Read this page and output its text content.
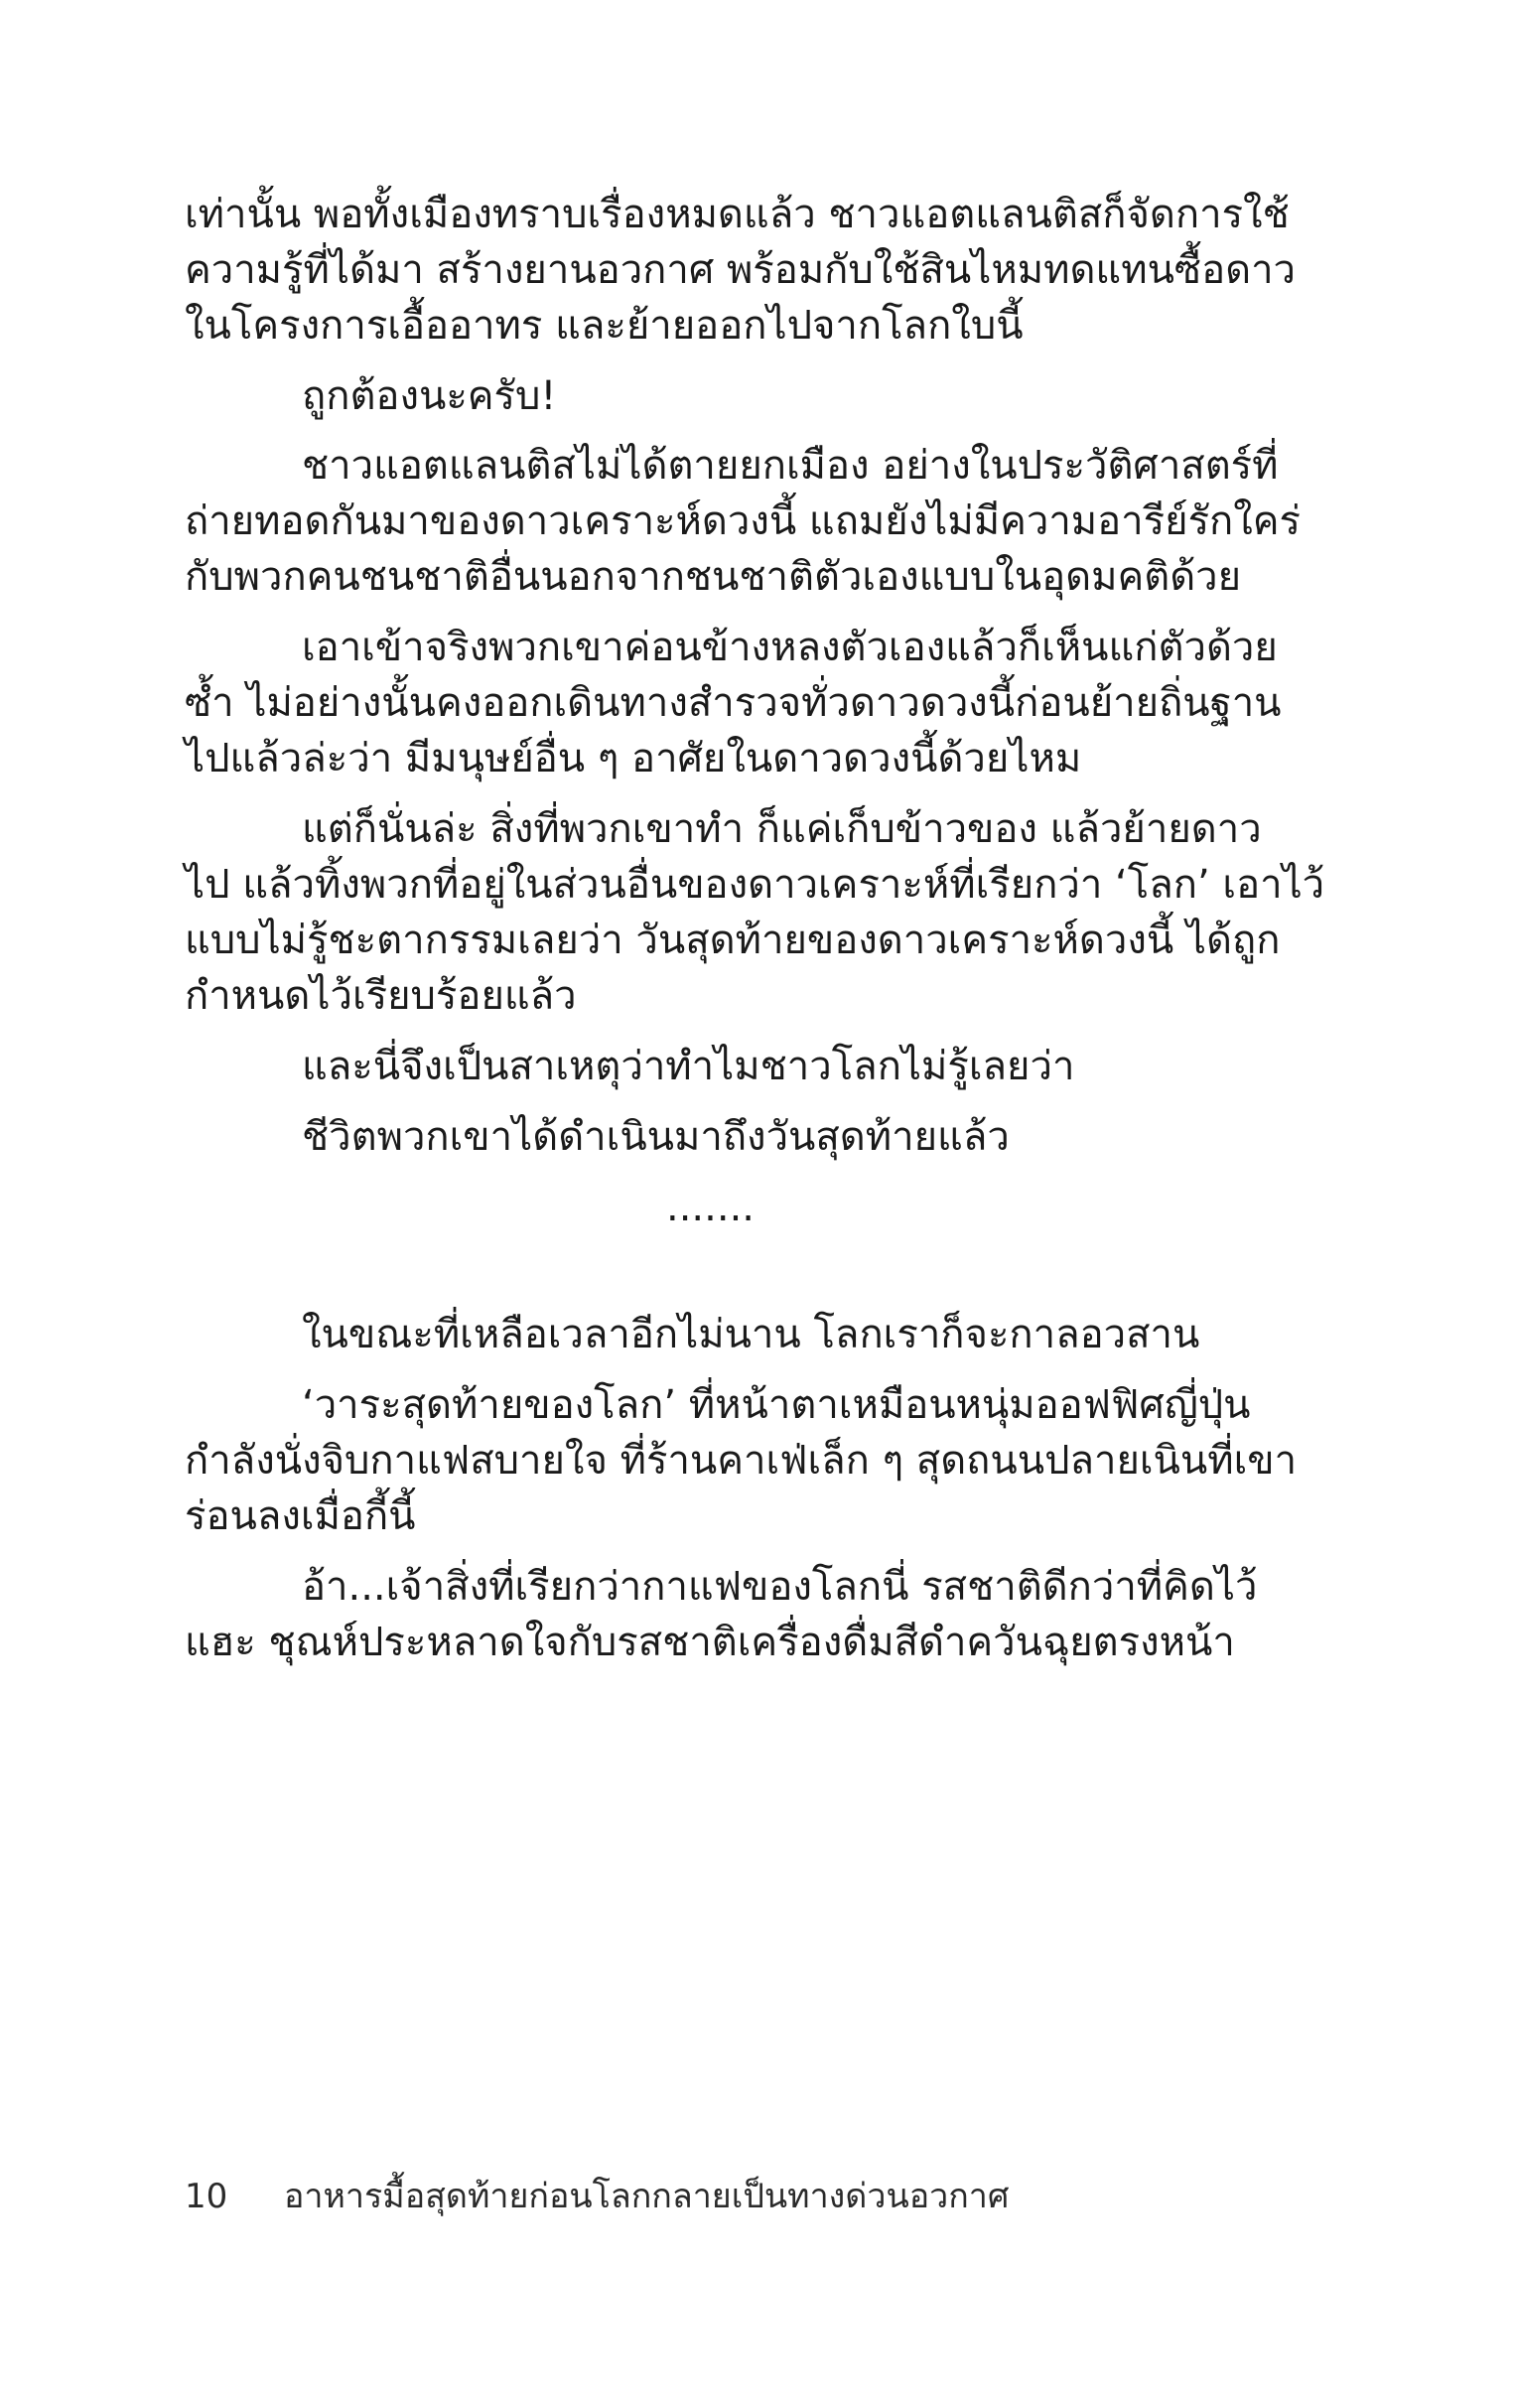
เท่านั้น พอทั้งเมืองทราบเรื่องหมดแล้ว ชาวแอตแลนติสก็จัดการใช้
ความรู้ที่ได้มา สร้างยานอวกาศ พร้อมกับใช้สินไหมทดแทนซื้อดาว
ในโครงการเอื้ออาทร และย้ายออกไปจากโลกใบนี้
ถูกต้องนะครับ!
ชาวแอตแลนติสไม่ได้ตายยกเมือง อย่างในประวัติศาสตร์ที่
ถ่ายทอดกันมาของดาวเคราะห์ดวงนี้ แถมยังไม่มีความอารีย์รักใคร่
กับพวกคนชนชาติอื่นนอกจากชนชาติตัวเองแบบในอุดมคติด้วย
เอาเข้าจริงพวกเขาค่อนข้างหลงตัวเองแล้วก็เห็นแก่ตัวด้วย
ซ้ำ ไม่อย่างนั้นคงออกเดินทางสำรวจทั่วดาวดวงนี้ก่อนย้ายถิ่นฐาน
ไปแล้วล่ะว่า มีมนุษย์อื่น ๆ อาศัยในดาวดวงนี้ด้วยไหม
แต่ก็นั่นล่ะ สิ่งที่พวกเขาทำ ก็แค่เก็บข้าวของ แล้วย้ายดาว
ไป แล้วทิ้งพวกที่อยู่ในส่วนอื่นของดาวเคราะห์ที่เรียกว่า ‘โลก’ เอาไว้
แบบไม่รู้ชะตากรรมเลยว่า วันสุดท้ายของดาวเคราะห์ดวงนี้ ได้ถูก
กำหนดไว้เรียบร้อยแล้ว
และนี่จึงเป็นสาเหตุว่าทำไมชาวโลกไม่รู้เลยว่า
ชีวิตพวกเขาได้ดำเนินมาถึงวันสุดท้ายแล้ว
.......
ในขณะที่เหลือเวลาอีกไม่นาน โลกเราก็จะกาลอวสาน
‘วาระสุดท้ายของโลก’ ที่หน้าตาเหมือนหนุ่มออฟฟิศญี่ปุ่น
กำลังนั่งจิบกาแฟสบายใจ ที่ร้านคาเฟ่เล็ก ๆ สุดถนนปลายเนินที่เขา
ร่อนลงเมื่อกี้นี้
อ้า...เจ้าสิ่งที่เรียกว่ากาแฟของโลกนี่ รสชาติดีกว่าที่คิดไว้
แฮะ ชุณห์ประหลาดใจกับรสชาติเครื่องดื่มสีดำควันฉุยตรงหน้า
10 อาหารมื้อสุดท้ายก่อนโลกกลายเป็นทางด่วนอวกาศ
